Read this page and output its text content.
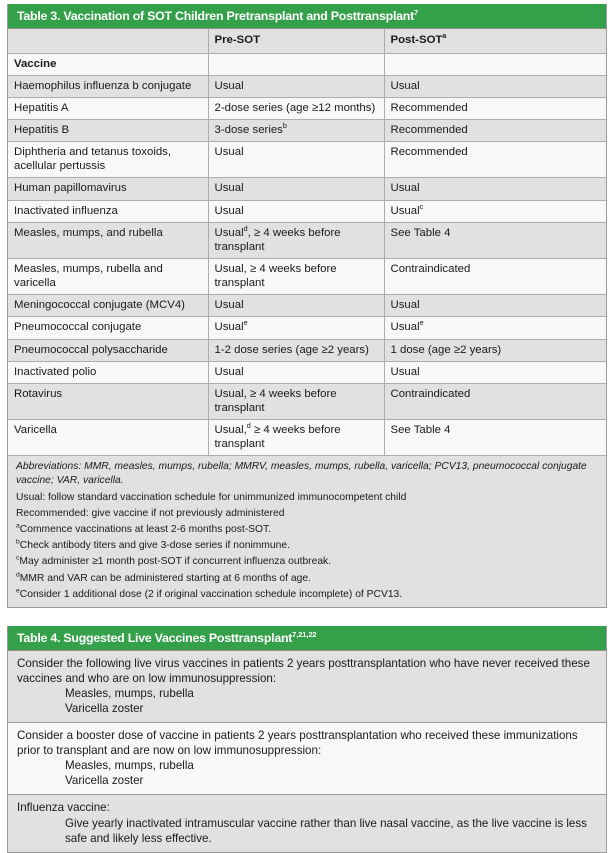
Table 3. Vaccination of SOT Children Pretransplant and Posttransplant$^7$
	Pre-SOT	Post-SOT$^a$
Vaccine		
Haemophilus influenza b conjugate	Usual	Usual
Hepatitis A	2-dose series (age ≥12 months)	Recommended
Hepatitis B	3-dose series$^b$	Recommended
Diphtheria and tetanus toxoids, acellular pertussis	Usual	Recommended
Human papillomavirus	Usual	Usual
Inactivated influenza	Usual	Usual$^c$
Measles, mumps, and rubella	Usual$^d$, ≥ 4 weeks before transplant	See Table 4
Measles, mumps, rubella and varicella	Usual, ≥ 4 weeks before transplant	Contraindicated
Meningococcal conjugate (MCV4)	Usual	Usual
Pneumococcal conjugate	Usual$^e$	Usual$^e$
Pneumococcal polysaccharide	1-2 dose series (age ≥2 years)	1 dose (age ≥2 years)
Inactivated polio	Usual	Usual
Rotavirus	Usual, ≥ 4 weeks before transplant	Contraindicated
Varicella	Usual,$^d$ ≥ 4 weeks before transplant	See Table 4

Abbreviations: MMR, measles, mumps, rubella; MMRV, measles, mumps, rubella, varicella; PCV13, pneumococcal conjugate vaccine; VAR, varicella.

Usual: follow standard vaccination schedule for unimmunized immunocompetent child

Recommended: give vaccine if not previously administered

$^a$Commence vaccinations at least 2-6 months post-SOT.

$^b$Check antibody titers and give 3-dose series if nonimmune.

$^c$May administer ≥1 month post-SOT if concurrent influenza outbreak.

$^d$MMR and VAR can be administered starting at 6 months of age.

$^e$Consider 1 additional dose (2 if original vaccination schedule incomplete) of PCV13.

Table 4. Suggested Live Vaccines Posttransplant$^{7,21,22}$

Consider the following live virus vaccines in patients 2 years posttransplantation who have never received these vaccines and who are on low immunosuppression:

Measles, mumps, rubella

Varicella zoster

Consider a booster dose of vaccine in patients 2 years posttransplantation who received these immunizations prior to transplant and are now on low immunosuppression:

Measles, mumps, rubella

Varicella zoster

Influenza vaccine:

Give yearly inactivated intramuscular vaccine rather than live nasal vaccine, as the live vaccine is less safe and likely less effective.
